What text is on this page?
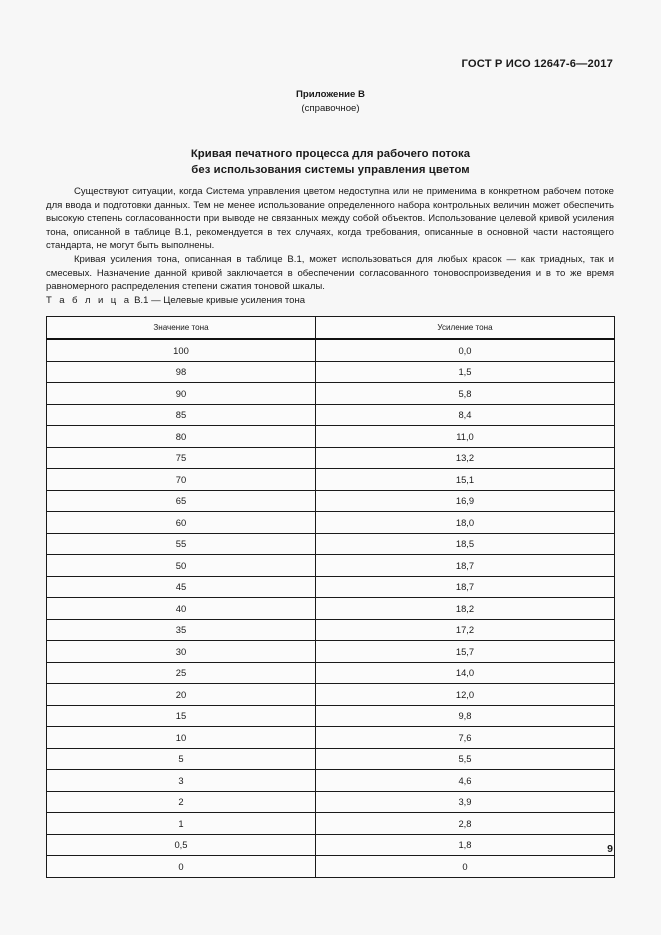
ГОСТ Р ИСО 12647-6—2017
Приложение В
(справочное)
Кривая печатного процесса для рабочего потока
без использования системы управления цветом

Существуют ситуации, когда Система управления цветом недоступна или не применима в конкретном рабочем потоке для ввода и подготовки данных. Тем не менее использование определенного набора контрольных величин может обеспечить высокую степень согласованности при выводе не связанных между собой объектов. Использование целевой кривой усиления тона, описанной в таблице В.1, рекомендуется в тех случаях, когда требования, описанные в основной части настоящего стандарта, не могут быть выполнены.

Кривая усиления тона, описанная в таблице В.1, может использоваться для любых красок — как триадных, так и смесевых. Назначение данной кривой заключается в обеспечении согласованного тоновоспроизведения и в то же время равномерного распределения степени сжатия тоновой шкалы.

Т а б л и ц а В.1 — Целевые кривые усиления тона
Значение тона	Усиление тона
100	0,0
98	1,5
90	5,8
85	8,4
80	11,0
75	13,2
70	15,1
65	16,9
60	18,0
55	18,5
50	18,7
45	18,7
40	18,2
35	17,2
30	15,7
25	14,0
20	12,0
15	9,8
10	7,6
5	5,5
3	4,6
2	3,9
1	2,8
0,5	1,8
0	0
9
